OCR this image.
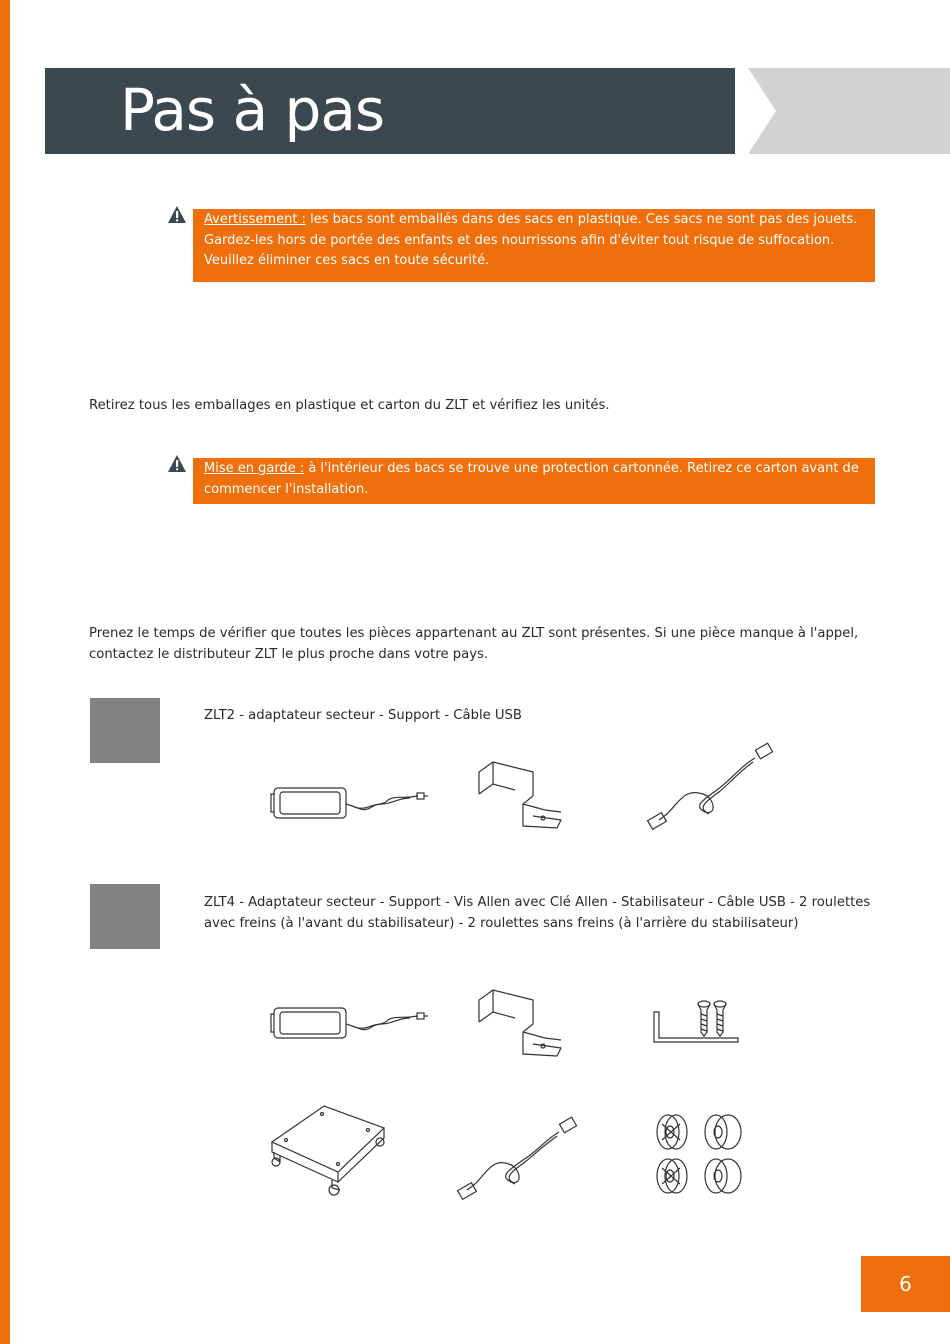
Pas à pas
Avertissement : les bacs sont emballés dans des sacs en plastique. Ces sacs ne sont pas des jouets. Gardez-les hors de portée des enfants et des nourrissons afin d'éviter tout risque de suffocation. Veuillez éliminer ces sacs en toute sécurité.
Retirez tous les emballages en plastique et carton du ZLT et vérifiez les unités.
Mise en garde : à l'intérieur des bacs se trouve une protection cartonnée. Retirez ce carton avant de commencer l'installation.
Prenez le temps de vérifier que toutes les pièces appartenant au ZLT sont présentes. Si une pièce manque à l'appel, contactez le distributeur ZLT le plus proche dans votre pays.
ZLT2 - adaptateur secteur - Support - Câble USB
ZLT4 - Adaptateur secteur - Support - Vis Allen avec Clé Allen - Stabilisateur - Câble USB - 2 roulettes avec freins (à l'avant du stabilisateur) - 2 roulettes sans freins (à l'arrière du stabilisateur)
6
